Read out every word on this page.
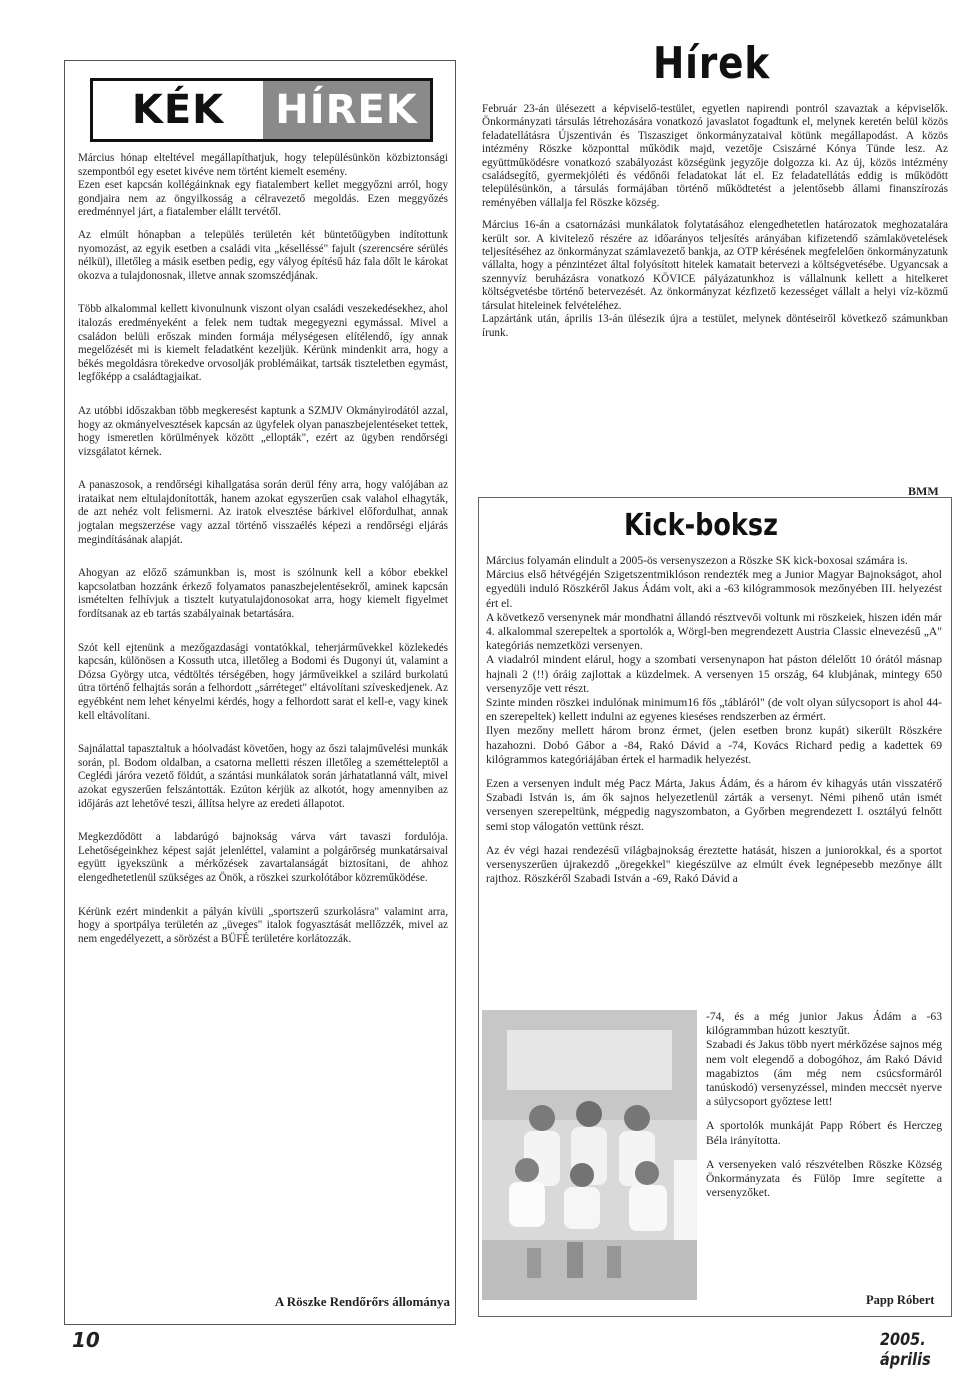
KÉK	HÍREK

Március hónap elteltével megállapíthatjuk, hogy településünkön közbiztonsági szempontból egy esetet kivéve nem történt kiemelt esemény.

Ezen eset kapcsán kollégáinknak egy fiatalembert kellet meggyőzni arról, hogy gondjaira nem az öngyilkosság a célravezető megoldás. Ezen meggyőzés eredménnyel járt, a fiatalember elállt tervétől.

Az elmúlt hónapban a település területén két büntetőügyben indítottunk nyomozást, az egyik esetben a családi vita „késelléssé" fajult (szerencsére sérülés nélkül), illetőleg a másik esetben pedig, egy vályog építésű ház fala dőlt le károkat okozva a tulajdonosnak, illetve annak szomszédjának.

Több alkalommal kellett kivonulnunk viszont olyan családi veszekedésekhez, ahol italozás eredményeként a felek nem tudtak megegyezni egymással. Mivel a családon belüli erőszak minden formája mélységesen elítélendő, így annak megelőzését mi is kiemelt feladatként kezeljük. Kérünk mindenkit arra, hogy a békés megoldásra törekedve orvosolják problémáikat, tartsák tiszteletben egymást, legfőképp a családtagjaikat.

Az utóbbi időszakban több megkeresést kaptunk a SZMJV Okmányirodától azzal, hogy az okmányelvesztések kapcsán az ügyfelek olyan panaszbejelentéseket tettek, hogy ismeretlen körülmények között „ellopták", ezért az ügyben rendőrségi vizsgálatot kérnek.

A panaszosok, a rendőrségi kihallgatása során derül fény arra, hogy valójában az irataikat nem eltulajdonították, hanem azokat egyszerűen csak valahol elhagyták, de azt nehéz volt felismerni. Az iratok elvesztése bárkivel előfordulhat, annak jogtalan megszerzése vagy azzal történő visszaélés képezi a rendőrségi eljárás megindításának alapját.

Ahogyan az előző számunkban is, most is szólnunk kell a kóbor ebekkel kapcsolatban hozzánk érkező folyamatos panaszbejelentésekről, aminek kapcsán ismételten felhívjuk a tisztelt kutyatulajdonosokat arra, hogy kiemelt figyelmet fordítsanak az eb tartás szabályainak betartására.

Szót kell ejtenünk a mezőgazdasági vontatókkal, teherjárművekkel közlekedés kapcsán, különösen a Kossuth utca, illetőleg a Bodomi és Dugonyi út, valamint a Dózsa György utca, védtöltés térségében, hogy járműveikkel a szilárd burkolatú útra történő felhajtás során a felhordott „sárréteget" eltávolítani szíveskedjenek. Az egyébként nem lehet kényelmi kérdés, hogy a felhordott sarat el kell-e, vagy kinek kell eltávolítani.

Sajnálattal tapasztaltuk a hóolvadást követően, hogy az őszi talajművelési munkák során, pl. Bodom oldalban, a csatorna melletti részen illetőleg a szemétteleptől a Ceglédi járóra vezető földút, a szántási munkálatok során járhatatlanná vált, mivel azokat egyszerűen felszántották. Ezúton kérjük az alkotót, hogy amennyiben az időjárás azt lehetővé teszi, állítsa helyre az eredeti állapotot.

Megkezdődött a labdarúgó bajnokság várva várt tavaszi fordulója. Lehetőségeinkhez képest saját jelenléttel, valamint a polgárőrség munkatársaival együtt igyekszünk a mérkőzések zavartalanságát biztosítani, de ahhoz elengedhetetlenül szükséges az Önök, a röszkei szurkolótábor közreműködése.

Kérünk ezért mindenkit a pályán kívüli „sportszerű szurkolásra" valamint arra, hogy a sportpálya területén az „üveges" italok fogyasztását mellőzzék, mivel az nem engedélyezett, a sörözést a BÜFÉ területére korlátozzák.

A Röszke Rendőrőrs állománya
Hírek

Február 23-án ülésezett a képviselő-testület, egyetlen napirendi pontról szavaztak a képviselők. Önkormányzati társulás létrehozására vonatkozó javaslatot fogadtunk el, melynek keretén belül közös feladatellátásra Újszentiván és Tiszasziget önkormányzataival kötünk megállapodást. A közös intézmény Röszke központtal működik majd, vezetője Csiszárné Kónya Tünde lesz. Az együttműködésre vonatkozó szabályozást községünk jegyzője dolgozza ki. Az új, közös intézmény családsegítő, gyermekjóléti és védőnői feladatokat lát el. Ez feladatellátás eddig is működött településünkön, a társulás formájában történő működtetést a jelentősebb állami finanszírozás reményében vállalja fel Röszke község.

Március 16-án a csatornázási munkálatok folytatásához elengedhetetlen határozatok meghozatalára került sor. A kivitelező részére az időarányos teljesítés arányában kifizetendő számlakövetelések teljesítéséhez az önkormányzat számlavezető bankja, az OTP kérésének megfelelően önkormányzatunk vállalta, hogy a pénzintézet által folyósított hitelek kamatait betervezi a költségvetésébe. Ugyancsak a szennyvíz beruházásra vonatkozó KÖVICE pályázatunkhoz is vállalnunk kellett a hitelkeret költségvetésbe történő betervezését. Az önkormányzat kézfizető kezességet vállalt a helyi víz-közmű társulat hiteleinek felvételéhez.

Lapzártánk után, április 13-án ülésezik újra a testület, melynek döntéseiről következő számunkban írunk.

BMM
Kick-boksz

Március folyamán elindult a 2005-ös versenyszezon a Röszke SK kick-boxosai számára is.

Március első hétvégéjén Szigetszentmiklóson rendezték meg a Junior Magyar Bajnokságot, ahol egyedüli induló Röszkéről Jakus Ádám volt, aki a -63 kilógrammosok mezőnyében III. helyezést ért el.

A következő versenynek már mondhatni állandó résztvevői voltunk mi röszkeiek, hiszen idén már 4. alkalommal szerepeltek a sportolók a, Wörgl-ben megrendezett Austria Classic elnevezésű „A" kategóriás nemzetközi versenyen.

A viadalról mindent elárul, hogy a szombati versenynapon hat páston délelőtt 10 órától másnap hajnali 2 (!!) óráig zajlottak a küzdelmek. A versenyen 15 ország, 64 klubjának, mintegy 650 versenyzője vett részt.

Szinte minden röszkei indulónak minimum16 fős „tábláról" (de volt olyan súlycsoport is ahol 44-en szerepeltek) kellett indulni az egyenes kieséses rendszerben az érmért.

Ilyen mezőny mellett három bronz érmet, (jelen esetben bronz kupát) sikerült Röszkére hazahozni. Dobó Gábor a -84, Rakó Dávid a -74, Kovács Richard pedig a kadettek 69 kilógrammos kategóriájában értek el harmadik helyezést.

Ezen a versenyen indult még Pacz Márta, Jakus Ádám, és a három év kihagyás után visszatérő Szabadi István is, ám ők sajnos helyezetlenül zárták a versenyt. Némi pihenő után ismét versenyen szerepeltünk, mégpedig nagyszombaton, a Győrben megrendezett I. osztályú felnőtt semi stop válogatón vettünk részt.

Az év végi hazai rendezésű világbajnokság éreztette hatását, hiszen a juniorokkal, és a sportot versenyszerűen újrakezdő „öregekkel" kiegészülve az elmúlt évek legnépesebb mezőnye állt rajthoz. Röszkéről Szabadi István a -69, Rakó Dávid a

-74, és a még junior Jakus Ádám a -63 kilógrammban húzott kesztyűt.

Szabadi és Jakus több nyert mérkőzése sajnos még nem volt elegendő a dobogóhoz, ám Rakó Dávid magabiztos (ám még nem csúcsformáról tanúskodó) versenyzéssel, minden meccsét nyerve a súlycsoport győztese lett!

A sportolók munkáját Papp Róbert és Herczeg Béla irányította.

A versenyeken való részvételben Röszke Község Önkormányzata és Fülöp Imre segítette a versenyzőket.

Papp Róbert
10	2005. április
